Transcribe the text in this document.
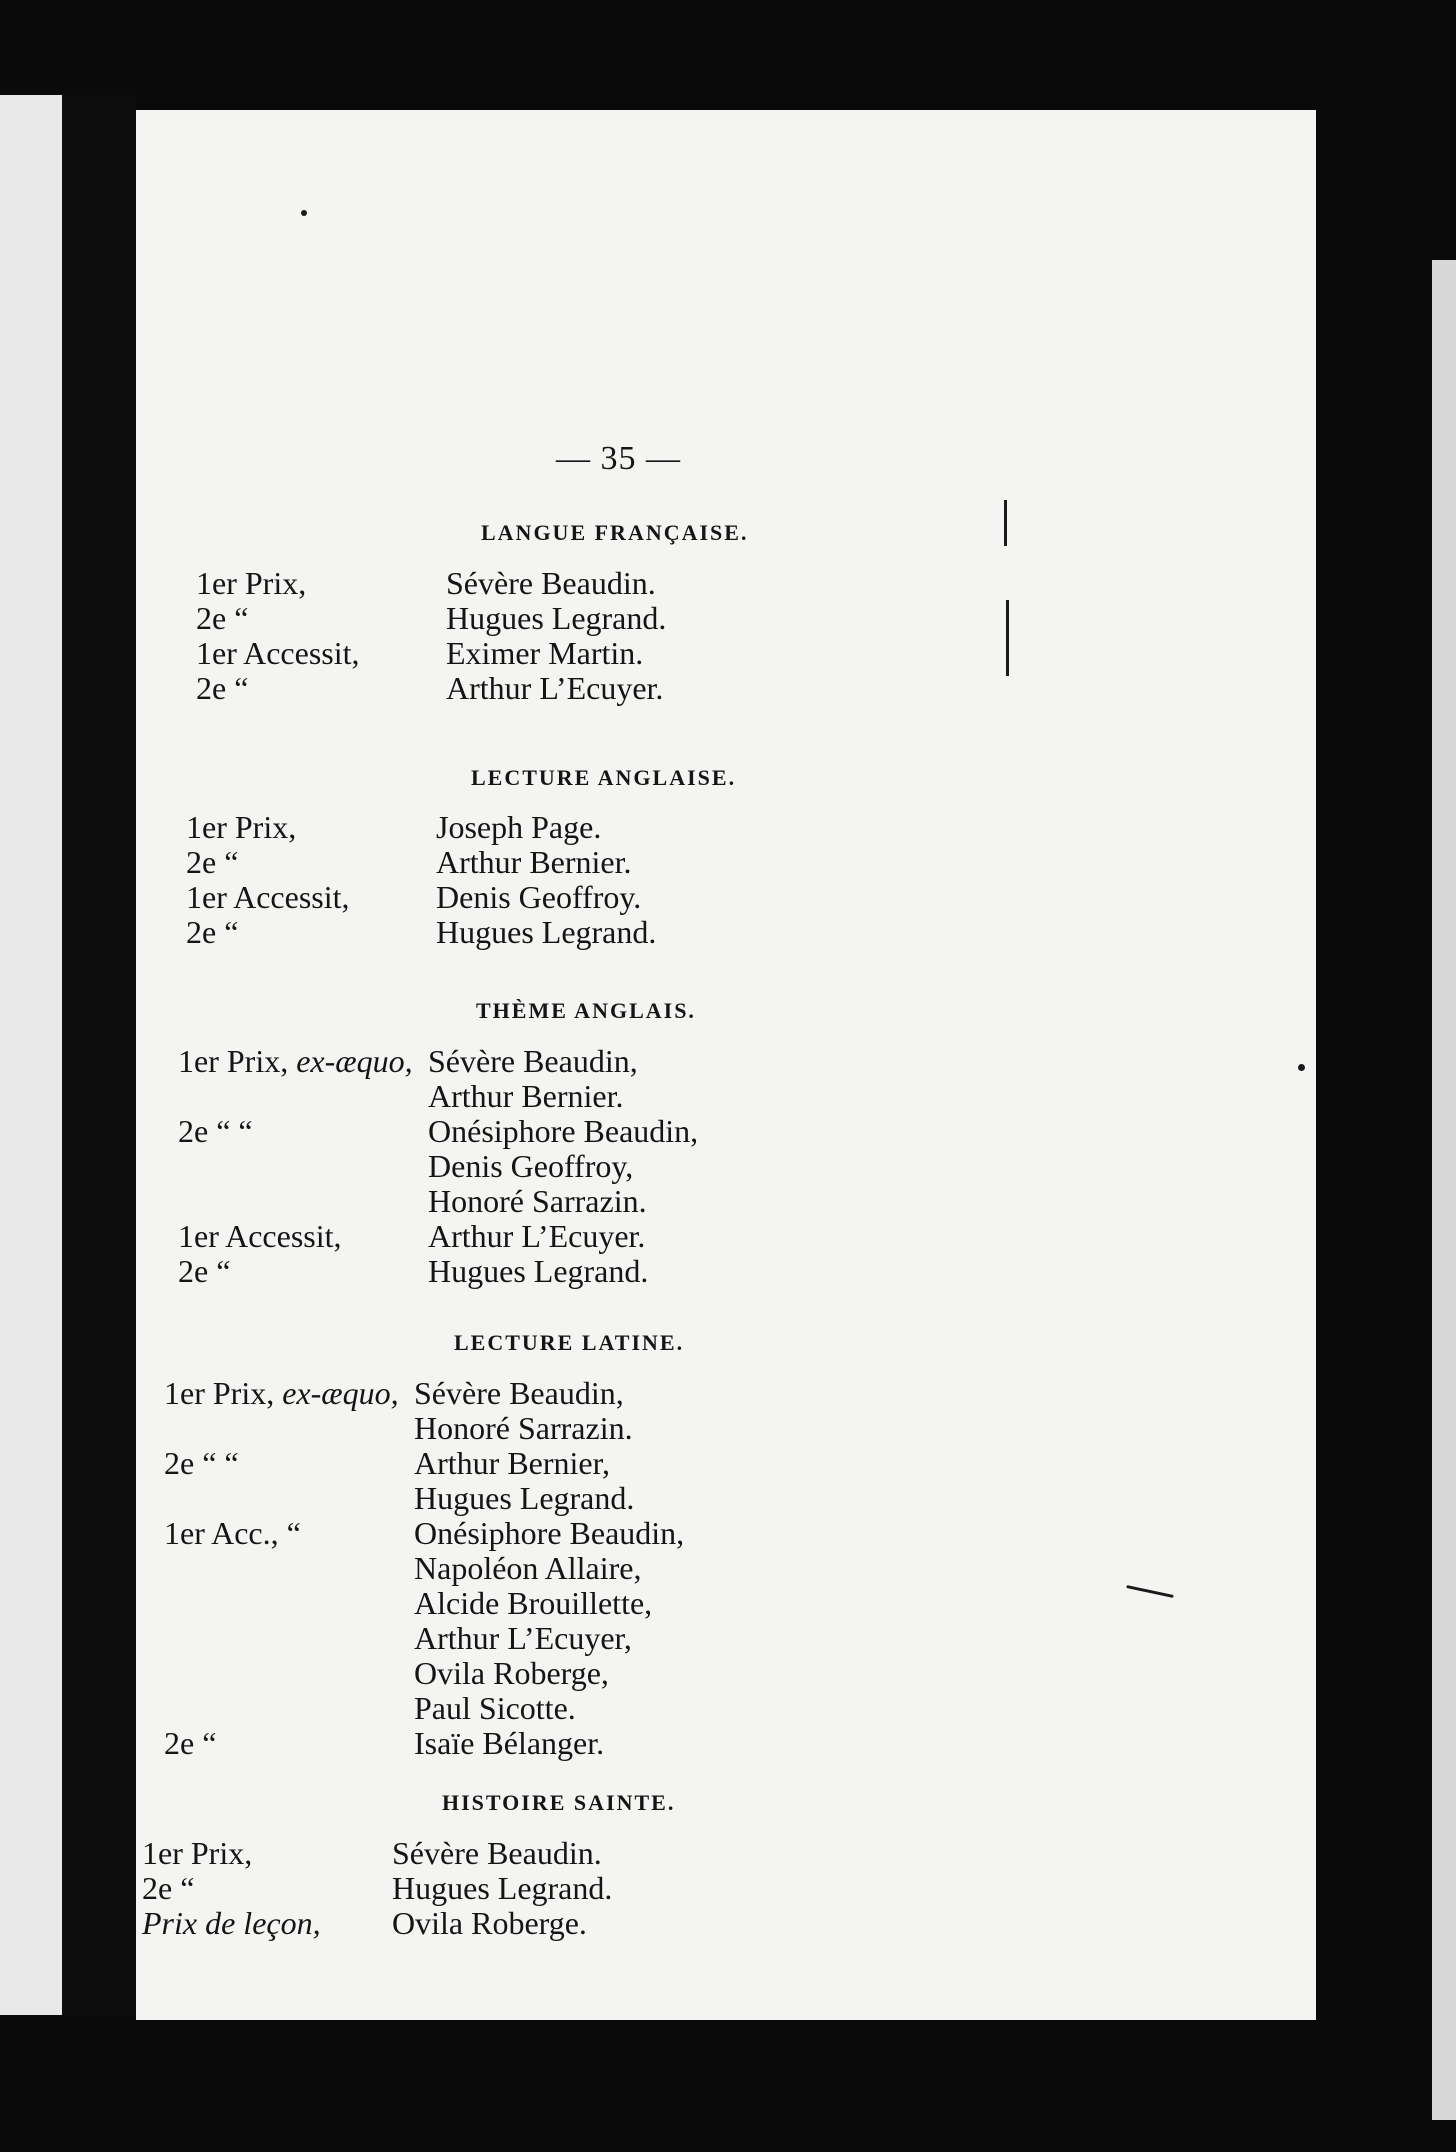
— 35 —
LANGUE FRANÇAISE.
1er Prix,	Sévère Beaudin.
2e “	Hugues Legrand.
1er Accessit,	Eximer Martin.
2e “	Arthur L’Ecuyer.
LECTURE ANGLAISE.
1er Prix,	Joseph Page.
2e “	Arthur Bernier.
1er Accessit,	Denis Geoffroy.
2e “	Hugues Legrand.
THÈME ANGLAIS.
1er Prix, ex-æquo, Sévère Beaudin,
Arthur Bernier.
2e “ “	Onésiphore Beaudin,
Denis Geoffroy,
Honoré Sarrazin.
1er Accessit,	Arthur L’Ecuyer.
2e “	Hugues Legrand.
LECTURE LATINE.
1er Prix, ex-æquo, Sévère Beaudin,
Honoré Sarrazin.
2e “ “	Arthur Bernier,
Hugues Legrand.
1er Acc., “	Onésiphore Beaudin,
Napoléon Allaire,
Alcide Brouillette,
Arthur L’Ecuyer,
Ovila Roberge,
Paul Sicotte.
2e “	Isaïe Bélanger.
HISTOIRE SAINTE.
1er Prix,	Sévère Beaudin.
2e “	Hugues Legrand.
Prix de leçon, Ovila Roberge.
